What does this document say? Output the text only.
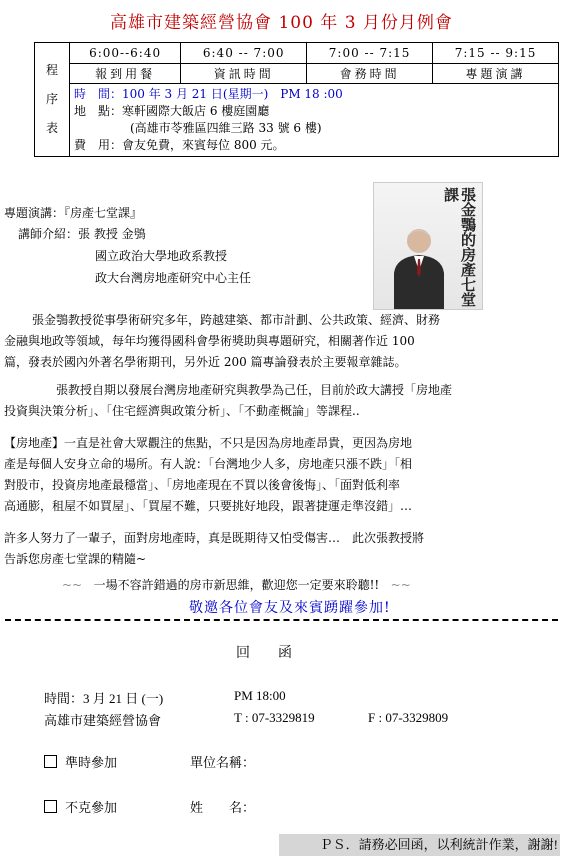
高雄市建築經營協會 100 年 3 月份月例會
程
序
表	6:00--6:40	6:40 -- 7:00	7:00 -- 7:15	7:15 -- 9:15
	報到用餐	資訊時間	會務時間	專題演講

	時　間：100 年 3 月 21 日(星期一)　PM 18 :00
地　點：寒軒國際大飯店 6 樓庭園廳
(高雄市苓雅區四維三路 33 號 6 樓)
費　用：會友免費，來賓每位 800 元。			
專題演講：『房產七堂課』
講師介紹：張 教授 金鴞
國立政治大學地政系教授
政大台灣房地產研究中心主任	張金鶚的房產七堂課
張金鶚教授從事學術研究多年，跨越建築、都市計劃、公共政策、經濟、財務
金融與地政等領域，每年均獲得國科會學術獎助與專題研究，相關著作近 100
篇，發表於國內外著名學術期刊，另外近 200 篇專論發表於主要報章雜誌。
張教授自期以發展台灣房地產研究與教學為己任，目前於政大講授「房地產
投資與決策分析」、「住宅經濟與政策分析」、「不動產概論」等課程..
【房地產】一直是社會大眾觀注的焦點，不只是因為房地產昂貴，更因為房地
產是每個人安身立命的場所。有人說：「台灣地少人多，房地產只漲不跌」「相
對股市，投資房地產最穩當」、「房地產現在不買以後會後悔」、「面對低利率
高通膨，租屋不如買屋」、「買屋不難，只要挑好地段，跟著捷運走準沒錯」…
許多人努力了一輩子，面對房地產時，真是既期待又怕受傷害…　此次張教授將
告訴您房產七堂課的精隨~
~~ 一場不容許錯過的房市新思維，歡迎您一定要來聆聽!! ~~
敬邀各位會友及來賓踴躍參加!
回　　函
時間：3 月 21 日 (一)	PM 18:00
高雄市建築經營協會	T : 07-3329819	F : 07-3329809
準時參加	單位名稱：
不克參加	姓　　名：
ＰＳ．請務必回函，以利統計作業，謝謝!
